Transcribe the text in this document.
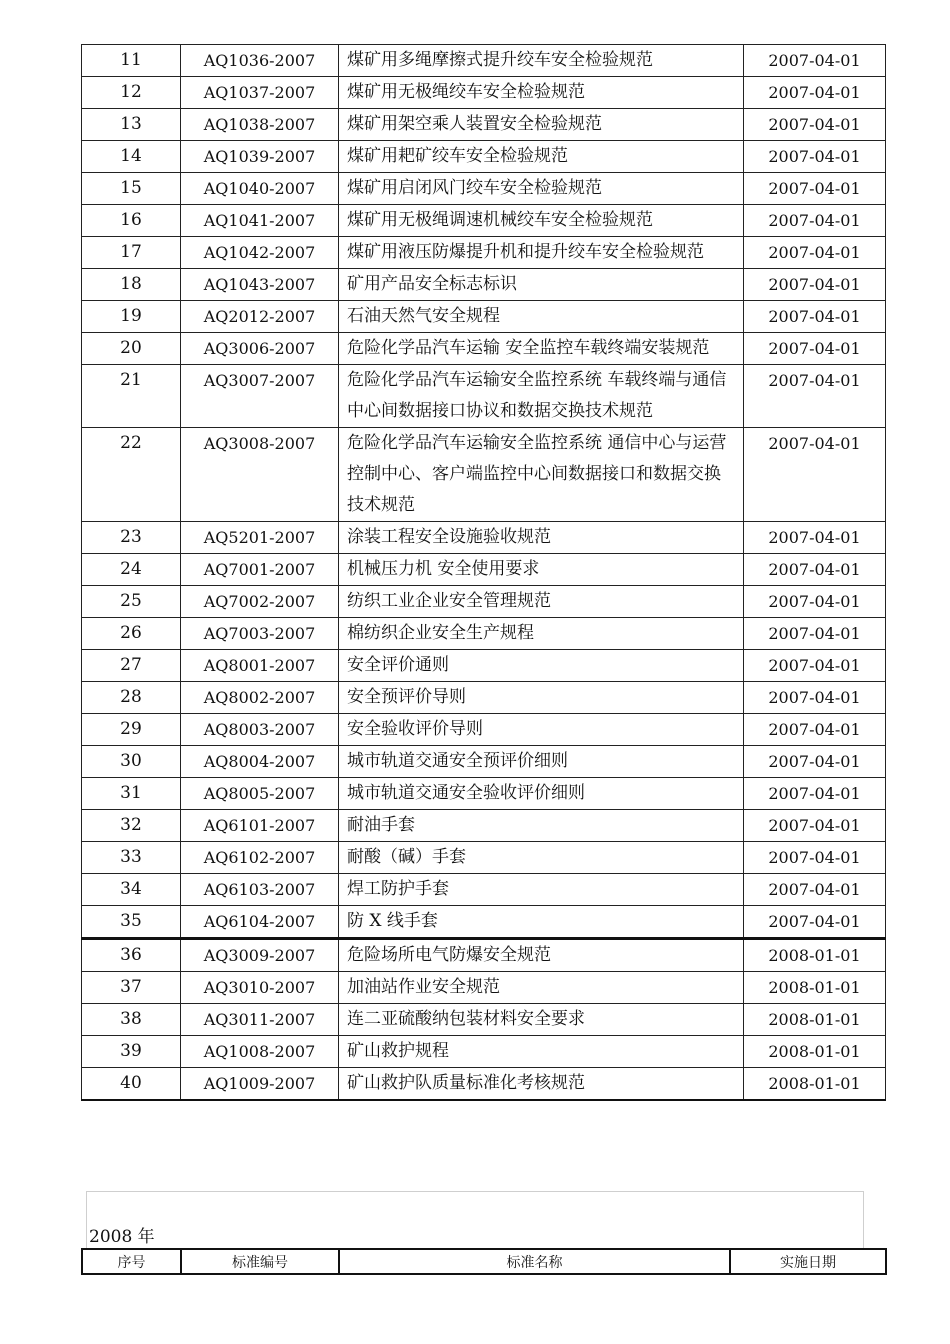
11	AQ1036-2007	煤矿用多绳摩擦式提升绞车安全检验规范	2007-04-01
12	AQ1037-2007	煤矿用无极绳绞车安全检验规范	2007-04-01
13	AQ1038-2007	煤矿用架空乘人装置安全检验规范	2007-04-01
14	AQ1039-2007	煤矿用耙矿绞车安全检验规范	2007-04-01
15	AQ1040-2007	煤矿用启闭风门绞车安全检验规范	2007-04-01
16	AQ1041-2007	煤矿用无极绳调速机械绞车安全检验规范	2007-04-01
17	AQ1042-2007	煤矿用液压防爆提升机和提升绞车安全检验规范	2007-04-01
18	AQ1043-2007	矿用产品安全标志标识	2007-04-01
19	AQ2012-2007	石油天然气安全规程	2007-04-01
20	AQ3006-2007	危险化学品汽车运输 安全监控车载终端安装规范	2007-04-01
21	AQ3007-2007	危险化学品汽车运输安全监控系统 车载终端与通信中心间数据接口协议和数据交换技术规范	2007-04-01
22	AQ3008-2007	危险化学品汽车运输安全监控系统 通信中心与运营控制中心、客户端监控中心间数据接口和数据交换技术规范	2007-04-01
23	AQ5201-2007	涂装工程安全设施验收规范	2007-04-01
24	AQ7001-2007	机械压力机 安全使用要求	2007-04-01
25	AQ7002-2007	纺织工业企业安全管理规范	2007-04-01
26	AQ7003-2007	棉纺织企业安全生产规程	2007-04-01
27	AQ8001-2007	安全评价通则	2007-04-01
28	AQ8002-2007	安全预评价导则	2007-04-01
29	AQ8003-2007	安全验收评价导则	2007-04-01
30	AQ8004-2007	城市轨道交通安全预评价细则	2007-04-01
31	AQ8005-2007	城市轨道交通安全验收评价细则	2007-04-01
32	AQ6101-2007	耐油手套	2007-04-01
33	AQ6102-2007	耐酸（碱）手套	2007-04-01
34	AQ6103-2007	焊工防护手套	2007-04-01
35	AQ6104-2007	防 X 线手套	2007-04-01
36	AQ3009-2007	危险场所电气防爆安全规范	2008-01-01
37	AQ3010-2007	加油站作业安全规范	2008-01-01
38	AQ3011-2007	连二亚硫酸纳包装材料安全要求	2008-01-01
39	AQ1008-2007	矿山救护规程	2008-01-01
40	AQ1009-2007	矿山救护队质量标准化考核规范	2008-01-01
2008 年
序号	标准编号	标准名称	实施日期
